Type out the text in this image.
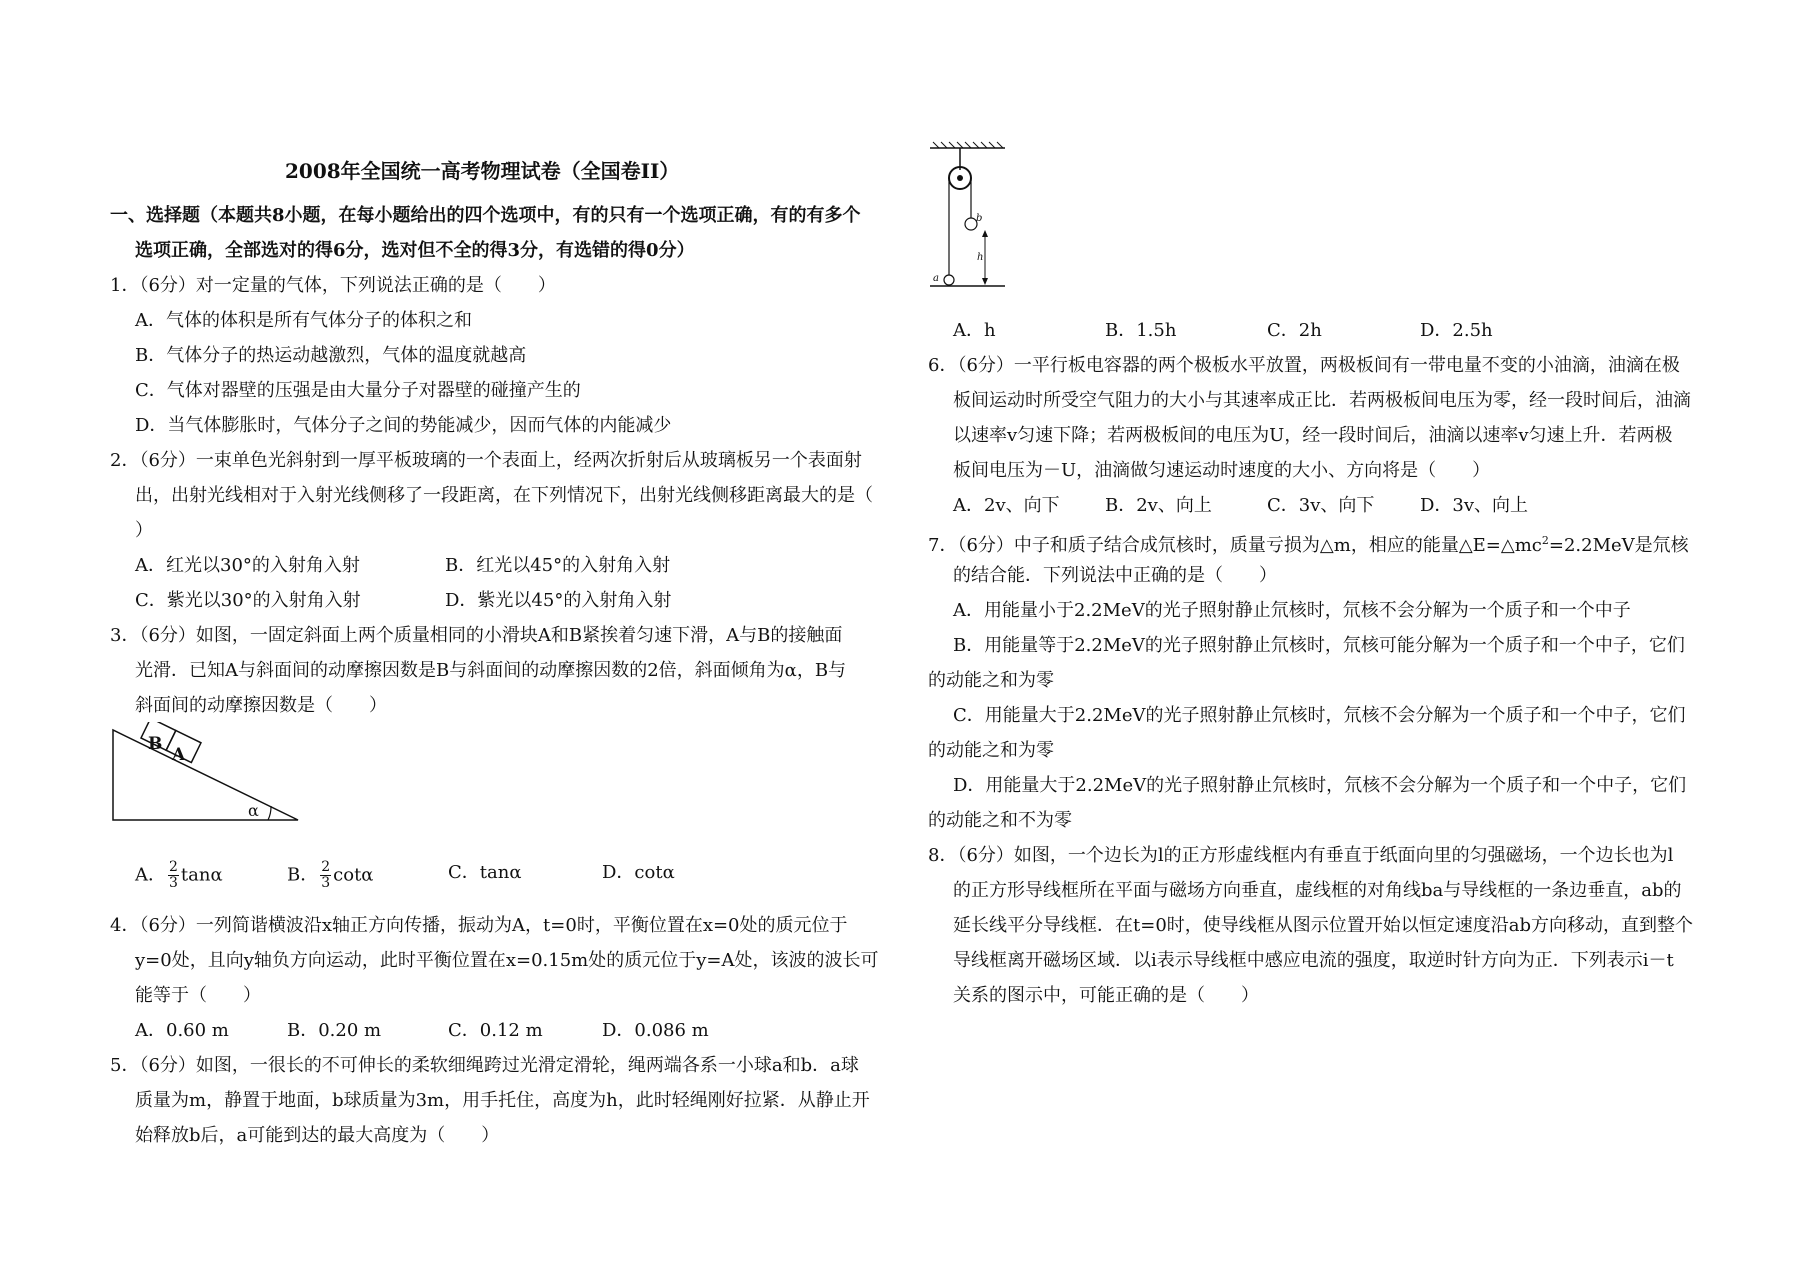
2008年全国统一高考物理试卷（全国卷II）
一、选择题（本题共8小题，在每小题给出的四个选项中，有的只有一个选项正确，有的有多个
选项正确，全部选对的得6分，选对但不全的得3分，有选错的得0分）
1．（6分）对一定量的气体，下列说法正确的是（　　）
A．气体的体积是所有气体分子的体积之和
B．气体分子的热运动越激烈，气体的温度就越高
C．气体对器壁的压强是由大量分子对器壁的碰撞产生的
D．当气体膨胀时，气体分子之间的势能减少，因而气体的内能减少
2．（6分）一束单色光斜射到一厚平板玻璃的一个表面上，经两次折射后从玻璃板另一个表面射
出，出射光线相对于入射光线侧移了一段距离，在下列情况下，出射光线侧移距离最大的是（
）
A．红光以30°的入射角入射	B．红光以45°的入射角入射
C．紫光以30°的入射角入射	D．紫光以45°的入射角入射
3．（6分）如图，一固定斜面上两个质量相同的小滑块A和B紧挨着匀速下滑，A与B的接触面
光滑．已知A与斜面间的动摩擦因数是B与斜面间的动摩擦因数的2倍，斜面倾角为α，B与
斜面间的动摩擦因数是（　　）
B
A
α
A． $\frac{2}{3}$ tanα	B． $\frac{2}{3}$ cotα	C．tanα	D．cotα
4．（6分）一列简谐横波沿x轴正方向传播，振动为A，t=0时，平衡位置在x=0处的质元位于
y=0处，且向y轴负方向运动，此时平衡位置在x=0.15m处的质元位于y=A处，该波的波长可
能等于（　　）
A．0.60 m	B．0.20 m	C．0.12 m	D．0.086 m
5．（6分）如图，一很长的不可伸长的柔软细绳跨过光滑定滑轮，绳两端各系一小球a和b．a球
质量为m，静置于地面，b球质量为3m，用手托住，高度为h，此时轻绳刚好拉紧．从静止开
始释放b后，a可能到达的最大高度为（　　）
b
a
h
A．h	B．1.5h	C．2h	D．2.5h
6．（6分）一平行板电容器的两个极板水平放置，两极板间有一带电量不变的小油滴，油滴在极
板间运动时所受空气阻力的大小与其速率成正比．若两极板间电压为零，经一段时间后，油滴
以速率v匀速下降；若两极板间的电压为U，经一段时间后，油滴以速率v匀速上升．若两极
板间电压为－U，油滴做匀速运动时速度的大小、方向将是（　　）
A．2v、向下	B．2v、向上	C．3v、向下	D．3v、向上
7．（6分）中子和质子结合成氘核时，质量亏损为△m，相应的能量$\triangle E=\triangle mc^2=2.2MeV$是氘核
的结合能．下列说法中正确的是（　　）
A．用能量小于2.2MeV的光子照射静止氘核时，氘核不会分解为一个质子和一个中子
B．用能量等于2.2MeV的光子照射静止氘核时，氘核可能分解为一个质子和一个中子，它们
的动能之和为零
C．用能量大于2.2MeV的光子照射静止氘核时，氘核不会分解为一个质子和一个中子，它们
的动能之和为零
D．用能量大于2.2MeV的光子照射静止氘核时，氘核不会分解为一个质子和一个中子，它们
的动能之和不为零
8．（6分）如图，一个边长为l的正方形虚线框内有垂直于纸面向里的匀强磁场，一个边长也为l
的正方形导线框所在平面与磁场方向垂直，虚线框的对角线ba与导线框的一条边垂直，ab的
延长线平分导线框．在t=0时，使导线框从图示位置开始以恒定速度沿ab方向移动，直到整个
导线框离开磁场区域．以i表示导线框中感应电流的强度，取逆时针方向为正．下列表示i－t
关系的图示中，可能正确的是（　　）
